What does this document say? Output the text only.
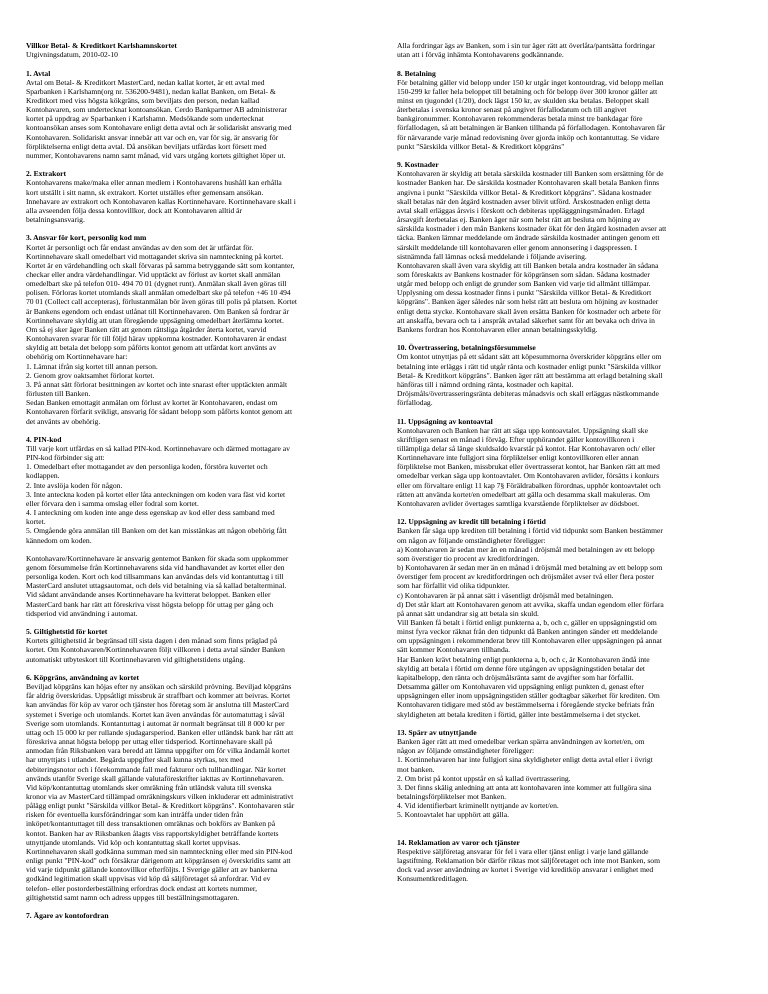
Villkor Betal- & Kreditkort Karlshamnskortet
Utgivningsdatum, 2010-02-10
1. Avtal

Avtal om Betal- & Kreditkort MasterCard, nedan kallat kortet, är ett avtal med

Sparbanken i Karlshamn(org nr. 536200-9481), nedan kallat Banken, om Betal- &

Kreditkort med viss högsta kökgräns, som beviljats den person, nedan kallad

Kontohavaren, som undertecknat kontoansökan. Cerdo Bankpartner AB administrerar

kortet på uppdrag av Sparbanken i Karlshamn. Medsökande som undertecknat

kontoansökan anses som Kontohavare enligt detta avtal och är solidariskt ansvarig med

Kontohavaren. Solidariskt ansvar innebär att var och en, var för sig, är ansvarig för

förpliktelserna enligt detta avtal. Då ansökan beviljats utfärdas kort försett med

nummer, Kontohavarens namn samt månad, vid vars utgång kortets giltighet löper ut.

2. Extrakort

Kontohavarens make/maka eller annan medlem i Kontohavarens hushåll kan erhålla

kort utställt i sitt namn, sk extrakort. Kortet utställes efter gemensam ansökan.

Innehavare av extrakort och Kontohavaren kallas Kortinnehavare. Kortinnehavare skall i

alla avseenden följa dessa kontovillkor, dock att Kontohavaren alltid är

betalningsansvarig.

3. Ansvar för kort, personlig kod mm

Kortet är personligt och får endast användas av den som det är utfärdat för.

Kortinnehavare skall omedelbart vid mottagandet skriva sin namnteckning på kortet.

Kortet är en värdehandling och skall förvaras på samma betryggande sätt som kontanter,

checkar eller andra värdehandlingar. Vid upptäckt av förlust av kortet skall anmälan

omedelbart ske på telefon 010- 494 70 01 (dygnet runt). Anmälan skall även göras till

polisen. Förloras kortet utomlands skall anmälan omedelbart ske på telefon +46 10 494

70 01 (Collect call accepteras), förlustanmälan bör även göras till polis på platsen. Kortet

är Bankens egendom och endast utlånat till Kortinnehavaren. Om Banken så fordrar är

Kortinnehavare skyldig att utan föregående uppsägning omedelbart återlämna kortet.

Om så ej sker äger Banken rätt att genom rättsliga åtgärder återta kortet, varvid

Kontohavaren svarar för till följd härav uppkomna kostnader. Kontohavaren är endast

skyldig att betala det belopp som påförts kontot genom att utfärdat kort använts av

obehörig om Kortinnehavare har:

1. Lämnat ifrån sig kortet till annan person.

2. Genom grov oaktsamhet förlorat kortet.

3. På annat sätt förlorat besittningen av kortet och inte snarast efter upptäckten anmält

förlusten till Banken.

Sedan Banken emottagit anmälan om förlust av kortet är Kontohavaren, endast om

Kontohavaren förfarit svikligt, ansvarig för sådant belopp som påförts kontot genom att

det använts av obehörig.

4. PIN-kod

Till varje kort utfärdas en så kallad PIN-kod. Kortinnehavare och därmed mottagare av

PIN-kod förbinder sig att:

1. Omedelbart efter mottagandet av den personliga koden, förstöra kuvertet och

kodlappen.

2. Inte avslöja koden för någon.

3. Inte anteckna koden på kortet eller låta anteckningen om koden vara fäst vid kortet

eller förvara den i samma omslag eller fodral som kortet.

4. I anteckning om koden inte ange dess egenskap av kod eller dess samband med

kortet.

5. Omgående göra anmälan till Banken om det kan misstänkas att någon obehörig fått

kännedom om koden.

Kontohavare/Kortinnehavare är ansvarig gentemot Banken för skada som uppkommer

genom försummelse från Kortinnehavarens sida vid handhavandet av kortet eller den

personliga koden. Kort och kod tillsammans kan användas dels vid kontantuttag i till

MasterCard anslutet uttagsautomat, och dels vid betalning via så kallad betalterminal.

Vid sådant användande anses Kortinnehavare ha kvitterat beloppet. Banken eller

MasterCard bank har rätt att föreskriva visst högsta belopp för uttag per gång och

tidsperiod vid användning i automat.

5. Giltighetstid för kortet

Kortets giltighetstid är begränsad till sista dagen i den månad som finns präglad på

kortet. Om Kontohavaren/Kortinnehavaren följt villkoren i detta avtal sänder Banken

automatiskt utbyteskort till Kortinnehavaren vid giltighetstidens utgång.

6. Köpgräns, användning av kortet

Beviljad köpgräns kan höjas efter ny ansökan och särskild prövning. Beviljad köpgräns

får aldrig överskridas. Uppsåtligt missbruk är straffbart och kommer att beivras. Kortet

kan användas för köp av varor och tjänster hos företag som är anslutna till MasterCard

systemet i Sverige och utomlands. Kortet kan även användas för automatuttag i såväl

Sverige som utomlands. Kontantuttag i automat är normalt begränsat till 8 000 kr per

uttag och 15 000 kr per rullande sjudagarsperiod. Banken eller utländsk bank har rätt att

föreskriva annat högsta belopp per uttag eller tidsperiod. Kortinnehavare skall på

anmodan från Riksbanken vara beredd att lämna uppgifter om för vilka ändamål kortet

har utnyttjats i utlandet. Begärda uppgifter skall kunna styrkas, tex med

debiteringsnotor och i förekommande fall med fakturor och tullhandlingar. När kortet

används utanför Sverige skall gällande valutaföreskrifter iakttas av Kortinnehavaren.

Vid köp/kontantuttag utomlands sker omräkning från utländsk valuta till svenska

kronor via av MasterCard tillämpad omräkningskurs vilken inkluderar ett administrativt

pålägg enligt punkt "Särskilda villkor Betal- & Kreditkort köpgräns". Kontohavaren står

risken för eventuella kursförändringar som kan inträffa under tiden från

inköpet/kontantuttaget till dess transaktionen omräknas och bokförs av Banken på

kontot. Banken har av Riksbanken ålagts viss rapportskyldighet beträffande kortets

utnyttjande utomlands. Vid köp och kontantuttag skall kortet uppvisas.

Kortinnehavaren skall godkänna summan med sin namnteckning eller med sin PIN-kod

enligt punkt "PIN-kod" och försäkrar därigenom att köpgränsen ej överskridits samt att

vid varje tidpunkt gällande kontovillkor efterföljts. I Sverige gäller att av bankerna

godkänd legitimation skall uppvisas vid köp då säljföretaget så anfordrar. Vid ev

telefon- eller postorderbeställning erfordras dock endast att kortets nummer,

giltighetstid samt namn och adress uppges till beställningsmottagaren.

7. Ägare av kontofordran

Alla fordringar ägs av Banken, som i sin tur äger rätt att överlåta/pantsätta fordringar

utan att i förväg inhämta Kontohavarens godkännande.

8. Betalning

För betalning gäller vid belopp under 150 kr utgår inget kontoutdrag, vid belopp mellan

150-299 kr faller hela beloppet till betalning och för belopp över 300 kronor gäller att

minst en tjugondel (1/20), dock lägst 150 kr, av skulden ska betalas. Beloppet skall

återbetalas i svenska kronor senast på angivet förfallodatum och till angivet

bankgironummer. Kontohavaren rekommenderas betala minst tre bankdagar före

förfallodagen, så att betalningen är Banken tillhanda på förfallodagen. Kontohavaren får

för närvarande varje månad redovisning över gjorda inköp och kontantuttag. Se vidare

punkt "Särskilda villkor Betal- & Kreditkort köpgräns"

9. Kostnader

Kontohavaren är skyldig att betala särskilda kostnader till Banken som ersättning för de

kostnader Banken har. De särskilda kostnader Kontohavaren skall betala Banken finns

angivna i punkt "Särskilda villkor Betal- & Kreditkort köpgräns". Sådana kostnader

skall betalas när den åtgärd kostnaden avser blivit utförd. Årskostnaden enligt detta

avtal skall erläggas årsvis i förskott och debiteras upplägggningsmånaden. Erlagd

årsavgift återbetalas ej. Banken äger när som helst rätt att besluta om höjning av

särskilda kostnader i den mån Bankens kostnader ökat för den åtgärd kostnaden avser att

täcka. Banken lämnar meddelande om ändrade särskilda kostnader antingen genom ett

särskilt meddelande till kontohavaren eller genom annonsering i dagspressen. I

sistnämnda fall lämnas också meddelande i följande avisering.

Kontohavaren skall även vara skyldig att till Banken betala andra kostnader än sådana

som föreskakts av Bankens kostnader för köpgränsen som sådan. Sådana kostnader

utgår med belopp och enligt de grunder som Banken vid varje tid allmänt tillämpar.

Upplysning om dessa kostnader finns i punkt "Särskilda villkor Betal- & Kreditkort

köpgräns". Banken äger således när som helst rätt att besluta om höjning av kostnader

enligt detta stycke. Kontohavare skall även ersätta Banken för kostnader och arbete för

att anskaffa, bevara och ta i anspråk avtalad säkerhet samt för att bevaka och driva in

Bankens fordran hos Kontohavaren eller annan betalningsskyldig.

10. Övertrassering, betalningsförsummelse

Om kontot utnyttjas på ett sådant sätt att köpesummorna överskrider köpgräns eller om

betalning inte erläggs i rätt tid utgår ränta och kostnader enligt punkt "Särskilda villkor

Betal- & Kreditkort köpgräns". Banken äger rätt att bestämma att erlagd betalning skall

hänföras till i nämnd ordning ränta, kostnader och kapital.

Dröjsmåls/övertrasseringsränta debiteras månadsvis och skall erläggas nästkommande

förfallodag.

11. Uppsägning av kontoavtal

Kontohavaren och Banken har rätt att säga upp kontoavtalet. Uppsägning skall ske

skriftligen senast en månad i förväg. Efter upphörandet gäller kontovillkoren i

tillämpliga delar så länge skuldsaldo kvarstår på kontot. Har Kontohavaren och/ eller

Kortinnehavare inte fullgjort sina förpliktelser enligt kontovillkoren eller annan

förpliktelse mot Banken, missbrukat eller övertrasserat kontot, har Banken rätt att med

omedelbar verkan säga upp kontoavtalet. Om Kontohavaren avlider, försätts i konkurs

eller om förvaltare enligt 11 kap 7§ Föräldrabalken förordnas, upphör kontoavtalet och

rätten att använda kortet/en omedelbart att gälla och desamma skall makuleras. Om

Kontohavaren avlider övertages samtliga kvarstående förpliktelser av dödsboet.

12. Uppsägning av kredit till betalning i förtid

Banken får säga upp krediten till betalning i förtid vid tidpunkt som Banken bestämmer

om någon av följande omständigheter föreligger:

a) Kontohavaren är sedan mer än en månad i dröjsmål med betalningen av ett belopp

som överstiger tio procent av kreditfordringen.

b) Kontohavaren är sedan mer än en månad i dröjsmål med betalning av ett belopp som

överstiger fem procent av kreditfordringen och dröjsmålet avser två eller flera poster

som har förfallit vid olika tidpunkter.

c) Kontohavaren är på annat sätt i väsentligt dröjsmål med betalningen.

d) Det står klart att Kontohavaren genom att avvika, skaffa undan egendom eller förfara

på annat sätt undandrar sig att betala sin skuld.

Vill Banken få betalt i förtid enligt punkterna a, b, och c, gäller en uppsägningstid om

minst fyra veckor räknat från den tidpunkt då Banken antingen sänder ett meddelande

om uppsägningen i rekommenderat brev till Kontohavaren eller uppsägningen på annat

sätt kommer Kontohavaren tillhanda.

Har Banken krävt betalning enligt punkterna a, b, och c, är Kontohavaren ändå inte

skyldig att betala i förtid om denne före utgången av uppsägningstiden betalar det

kapitalbelopp, den ränta och dröjsmålsränta samt de avgifter som har förfallit.

Detsamma gäller om Kontohavaren vid uppsägning enligt punkten d, genast efter

uppsägningen eller inom uppsägningstiden ställer godtagbar säkerhet för krediten. Om

Kontohavaren tidigare med stöd av bestämmelserna i föregående stycke befriats från

skyldigheten att betala krediten i förtid, gäller inte bestämmelserna i det stycket.

13. Spärr av utnyttjande

Banken äger rätt att med omedelbar verkan spärra användningen av kortet/en, om

någon av följande omständigheter föreligger:

1. Kortinnehavaren har inte fullgjort sina skyldigheter enligt detta avtal eller i övrigt

mot banken.

2. Om brist på kontot uppstår en så kallad övertrassering.

3. Det finns skälig anledning att anta att kontohavaren inte kommer att fullgöra sina

betalningsförpliktelser mot Banken.

4. Vid identifierbart kriminellt nyttjande av kortet/en.

5. Kontoavtalet har upphört att gälla.

14. Reklamation av varor och tjänster

Respektive säljföretag ansvarar för fel i vara eller tjänst enligt i varje land gällande

lagstiftning. Reklamation bör därför riktas mot säljföretaget och inte mot Banken, som

dock vad avser användning av kortet i Sverige vid kreditköp ansvarar i enlighet med

Konsumentkreditlagen.
